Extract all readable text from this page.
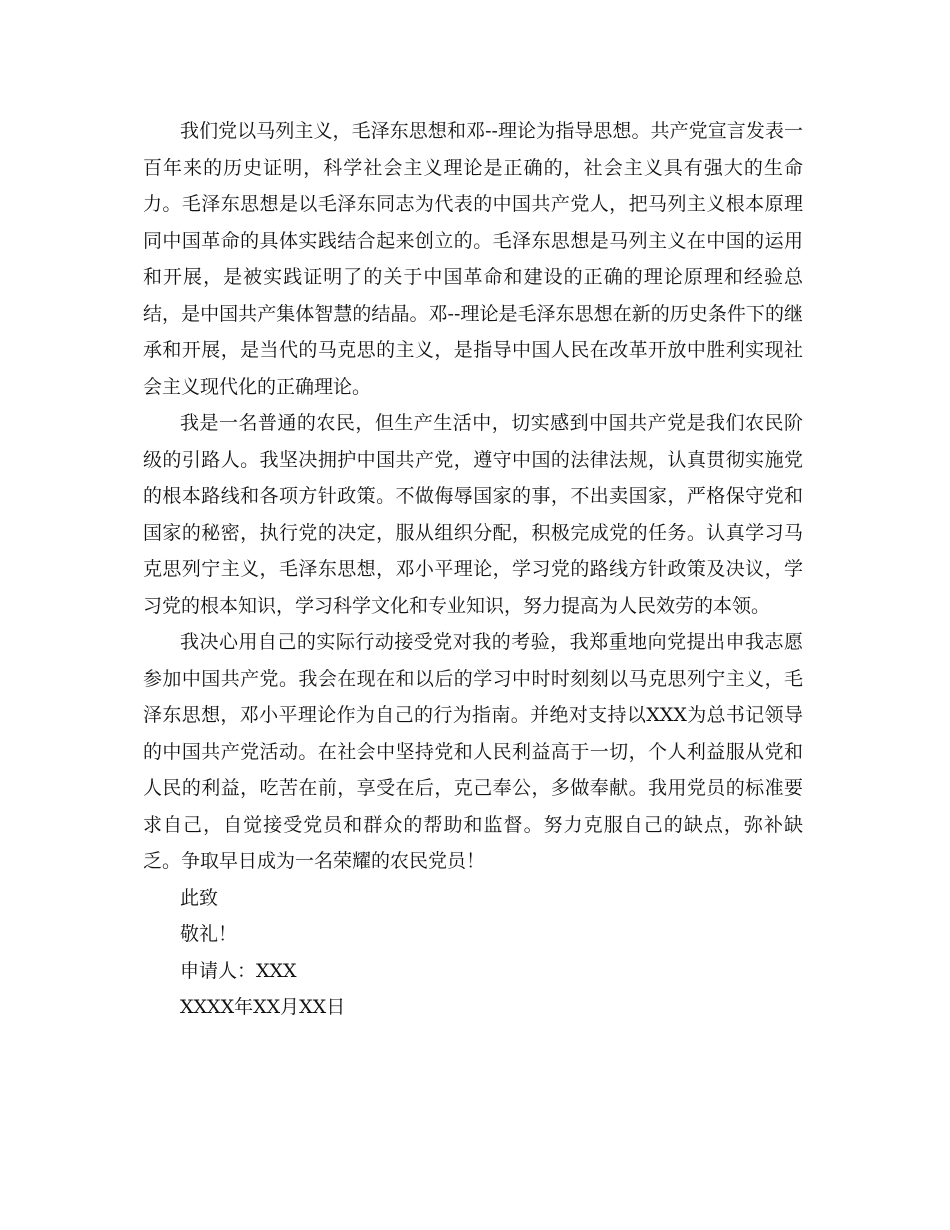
我们党以马列主义，毛泽东思想和邓--理论为指导思想。共产党宣言发表一百年来的历史证明，科学社会主义理论是正确的，社会主义具有强大的生命力。毛泽东思想是以毛泽东同志为代表的中国共产党人，把马列主义根本原理同中国革命的具体实践结合起来创立的。毛泽东思想是马列主义在中国的运用和开展，是被实践证明了的关于中国革命和建设的正确的理论原理和经验总结，是中国共产集体智慧的结晶。邓--理论是毛泽东思想在新的历史条件下的继承和开展，是当代的马克思的主义，是指导中国人民在改革开放中胜利实现社会主义现代化的正确理论。

我是一名普通的农民，但生产生活中，切实感到中国共产党是我们农民阶级的引路人。我坚决拥护中国共产党，遵守中国的法律法规，认真贯彻实施党的根本路线和各项方针政策。不做侮辱国家的事，不出卖国家，严格保守党和国家的秘密，执行党的决定，服从组织分配，积极完成党的任务。认真学习马克思列宁主义，毛泽东思想，邓小平理论，学习党的路线方针政策及决议，学习党的根本知识，学习科学文化和专业知识，努力提高为人民效劳的本领。

我决心用自己的实际行动接受党对我的考验，我郑重地向党提出申我志愿参加中国共产党。我会在现在和以后的学习中时时刻刻以马克思列宁主义，毛泽东思想，邓小平理论作为自己的行为指南。并绝对支持以XXX为总书记领导的中国共产党活动。在社会中坚持党和人民利益高于一切，个人利益服从党和人民的利益，吃苦在前，享受在后，克己奉公，多做奉献。我用党员的标准要求自己，自觉接受党员和群众的帮助和监督。努力克服自己的缺点，弥补缺乏。争取早日成为一名荣耀的农民党员！

此致

敬礼！

申请人：XXX

XXXX年XX月XX日
